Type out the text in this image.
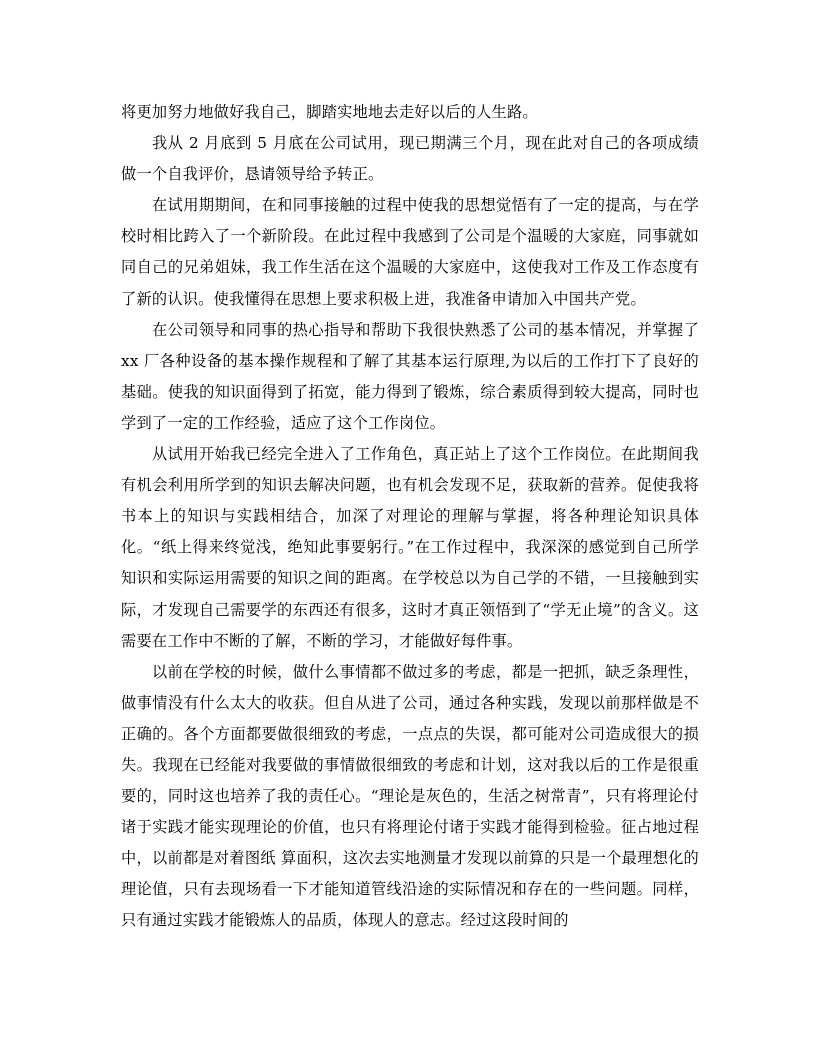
将更加努力地做好我自己，脚踏实地地去走好以后的人生路。

我从 2 月底到 5 月底在公司试用，现已期满三个月，现在此对自己的各项成绩做一个自我评价，恳请领导给予转正。

在试用期期间，在和同事接触的过程中使我的思想觉悟有了一定的提高，与在学校时相比跨入了一个新阶段。在此过程中我感到了公司是个温暖的大家庭，同事就如同自己的兄弟姐妹，我工作生活在这个温暖的大家庭中，这使我对工作及工作态度有了新的认识。使我懂得在思想上要求积极上进，我准备申请加入中国共产党。

在公司领导和同事的热心指导和帮助下我很快熟悉了公司的基本情况，并掌握了 xx 厂各种设备的基本操作规程和了解了其基本运行原理,为以后的工作打下了良好的基础。使我的知识面得到了拓宽，能力得到了锻炼，综合素质得到较大提高，同时也学到了一定的工作经验，适应了这个工作岗位。

从试用开始我已经完全进入了工作角色，真正站上了这个工作岗位。在此期间我有机会利用所学到的知识去解决问题，也有机会发现不足，获取新的营养。促使我将书本上的知识与实践相结合，加深了对理论的理解与掌握，将各种理论知识具体化。“纸上得来终觉浅，绝知此事要躬行。”在工作过程中，我深深的感觉到自己所学知识和实际运用需要的知识之间的距离。在学校总以为自己学的不错，一旦接触到实际，才发现自己需要学的东西还有很多，这时才真正领悟到了“学无止境”的含义。这需要在工作中不断的了解，不断的学习，才能做好每件事。

以前在学校的时候，做什么事情都不做过多的考虑，都是一把抓，缺乏条理性，做事情没有什么太大的收获。但自从进了公司，通过各种实践，发现以前那样做是不正确的。各个方面都要做很细致的考虑，一点点的失误，都可能对公司造成很大的损失。我现在已经能对我要做的事情做很细致的考虑和计划，这对我以后的工作是很重要的，同时这也培养了我的责任心。“理论是灰色的，生活之树常青”，只有将理论付诸于实践才能实现理论的价值，也只有将理论付诸于实践才能得到检验。征占地过程中，以前都是对着图纸 算面积，这次去实地测量才发现以前算的只是一个最理想化的理论值，只有去现场看一下才能知道管线沿途的实际情况和存在的一些问题。同样，只有通过实践才能锻炼人的品质，体现人的意志。经过这段时间的
